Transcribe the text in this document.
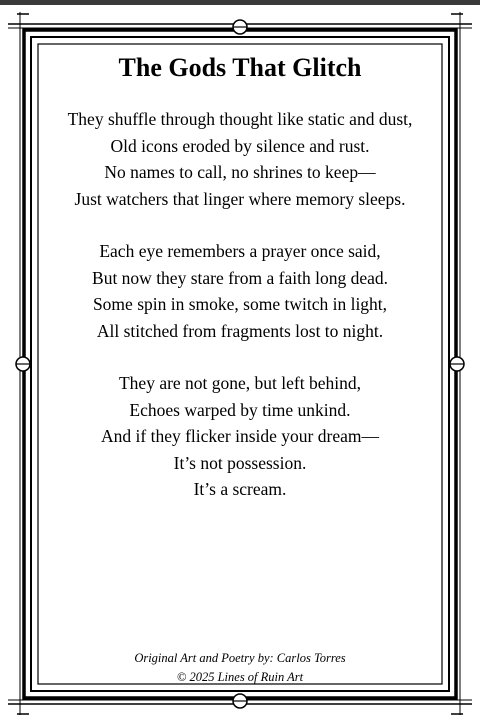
The Gods That Glitch

They shuffle through thought like static and dust,
Old icons eroded by silence and rust.
No names to call, no shrines to keep—
Just watchers that linger where memory sleeps.

Each eye remembers a prayer once said,
But now they stare from a faith long dead.
Some spin in smoke, some twitch in light,
All stitched from fragments lost to night.

They are not gone, but left behind,
Echoes warped by time unkind.
And if they flicker inside your dream—
It’s not possession.
It’s a scream.

Original Art and Poetry by: Carlos Torres
© 2025 Lines of Ruin Art
